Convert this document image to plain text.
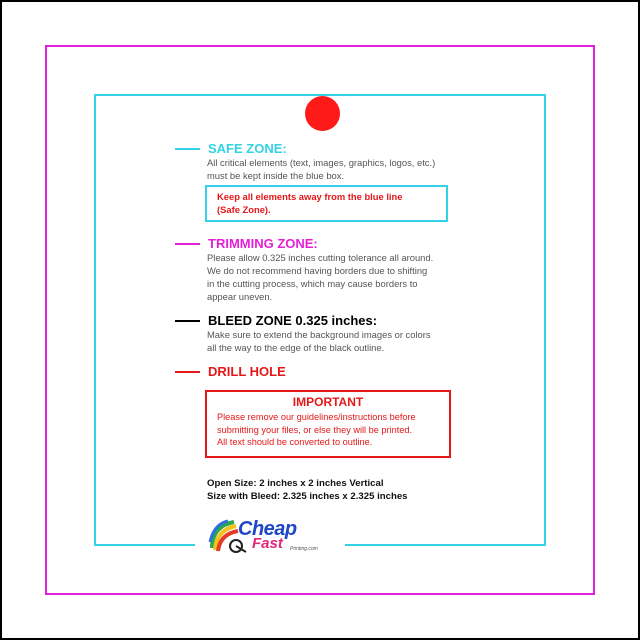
SAFE ZONE:
All critical elements (text, images, graphics, logos, etc.)
must be kept inside the blue box.
Keep all elements away from the blue line
(Safe Zone).
TRIMMING ZONE:
Please allow 0.325 inches cutting tolerance all around.
We do not recommend having borders due to shifting
in the cutting process, which may cause borders to
appear uneven.
BLEED ZONE 0.325 inches:
Make sure to extend the background images or colors
all the way to the edge of the black outline.
DRILL HOLE
IMPORTANT
Please remove our guidelines/instructions before
submitting your files, or else they will be printed.
All text should be converted to outline.
Open Size: 2 inches x 2 inches Vertical
Size with Bleed: 2.325 inches x 2.325 inches
Cheap
Fast Printing.com
